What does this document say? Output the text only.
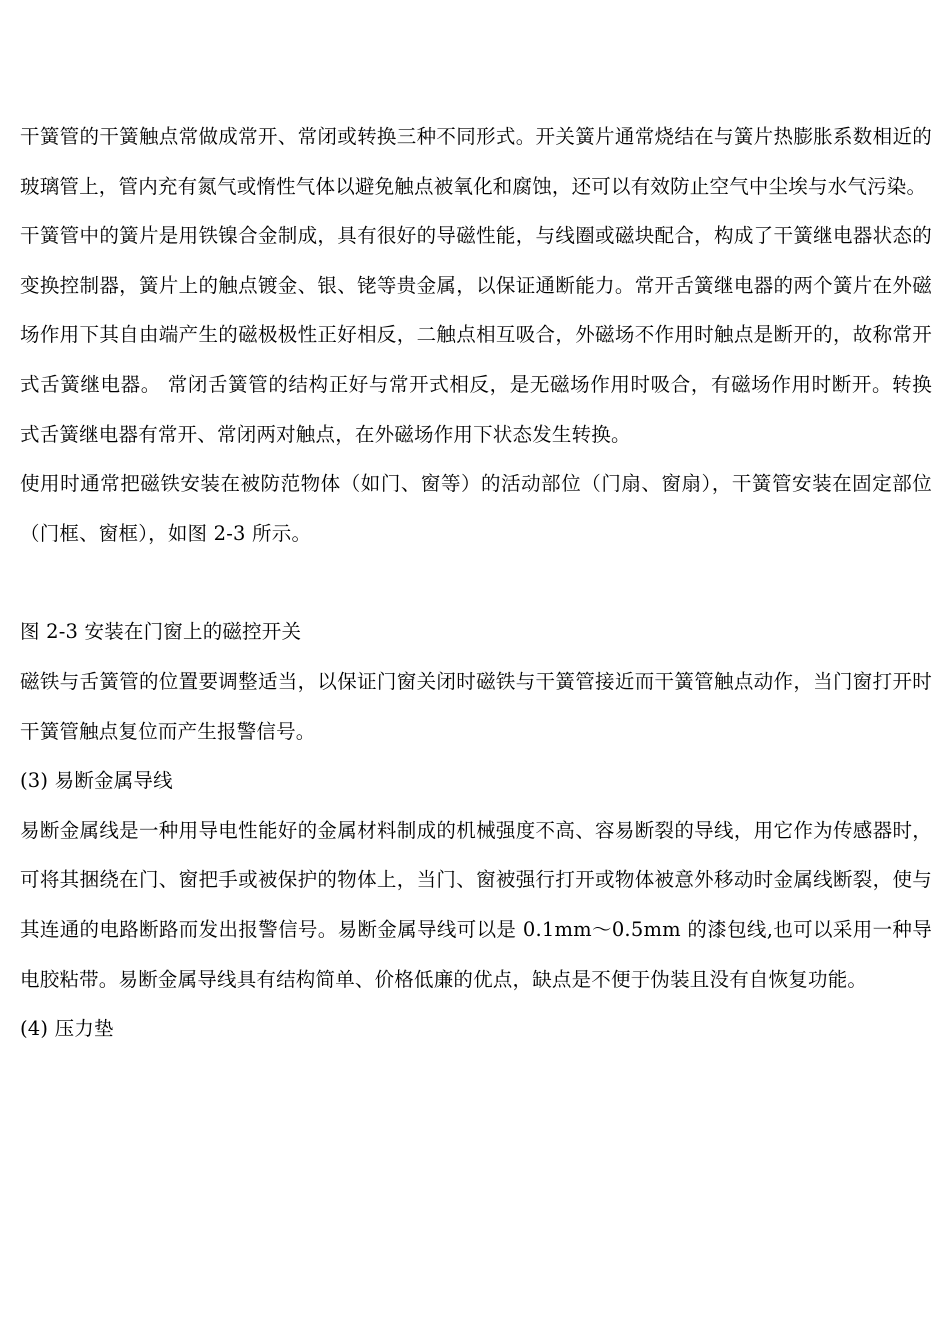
干簧管的干簧触点常做成常开、常闭或转换三种不同形式。开关簧片通常烧结在与簧片热膨胀系数相近的玻璃管上，管内充有氮气或惰性气体以避免触点被氧化和腐蚀，还可以有效防止空气中尘埃与水气污染。

干簧管中的簧片是用铁镍合金制成，具有很好的导磁性能，与线圈或磁块配合，构成了干簧继电器状态的变换控制器，簧片上的触点镀金、银、铑等贵金属，以保证通断能力。常开舌簧继电器的两个簧片在外磁场作用下其自由端产生的磁极极性正好相反，二触点相互吸合，外磁场不作用时触点是断开的，故称常开式舌簧继电器。 常闭舌簧管的结构正好与常开式相反，是无磁场作用时吸合，有磁场作用时断开。转换式舌簧继电器有常开、常闭两对触点，在外磁场作用下状态发生转换。

使用时通常把磁铁安装在被防范物体（如门、窗等）的活动部位（门扇、窗扇），干簧管安装在固定部位（门框、窗框），如图 2-3 所示。

图 2-3 安装在门窗上的磁控开关

磁铁与舌簧管的位置要调整适当，以保证门窗关闭时磁铁与干簧管接近而干簧管触点动作，当门窗打开时干簧管触点复位而产生报警信号。

(3) 易断金属导线

易断金属线是一种用导电性能好的金属材料制成的机械强度不高、容易断裂的导线，用它作为传感器时，可将其捆绕在门、窗把手或被保护的物体上，当门、窗被强行打开或物体被意外移动时金属线断裂，使与其连通的电路断路而发出报警信号。易断金属导线可以是 0.1mm～0.5mm 的漆包线,也可以采用一种导电胶粘带。易断金属导线具有结构简单、价格低廉的优点，缺点是不便于伪装且没有自恢复功能。

(4) 压力垫
